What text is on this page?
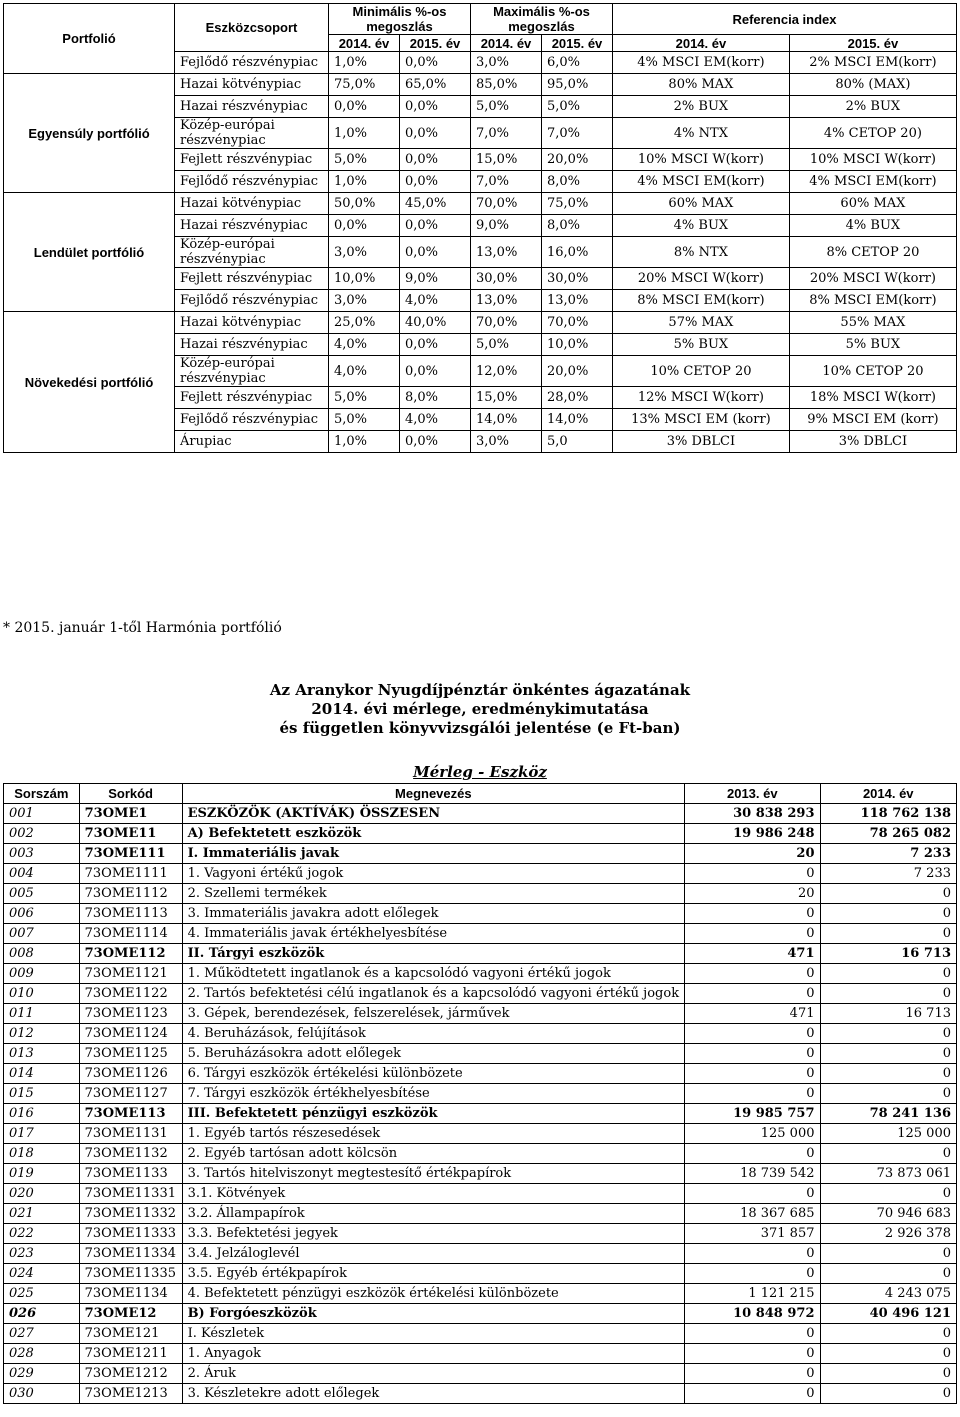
Portfolió	Eszközcsoport	Minimális %-os megoszlás		Maximális %-os megoszlás		Referencia index	
		2014. év	2015. év	2014. év	2015. év	2014. év	2015. év
	Fejlődő részvénypiac	1,0%	0,0%	3,0%	6,0%	4% MSCI EM(korr)	2% MSCI EM(korr)
Egyensúly portfólió	Hazai kötvénypiac	75,0%	65,0%	85,0%	95,0%	80% MAX	80% (MAX)
	Hazai részvénypiac	0,0%	0,0%	5,0%	5,0%	2% BUX	2% BUX
	Közép-európai részvénypiac	1,0%	0,0%	7,0%	7,0%	4% NTX	4% CETOP 20)
	Fejlett részvénypiac	5,0%	0,0%	15,0%	20,0%	10% MSCI W(korr)	10% MSCI W(korr)
	Fejlődő részvénypiac	1,0%	0,0%	7,0%	8,0%	4% MSCI EM(korr)	4% MSCI EM(korr)
Lendület portfólió	Hazai kötvénypiac	50,0%	45,0%	70,0%	75,0%	60% MAX	60% MAX
	Hazai részvénypiac	0,0%	0,0%	9,0%	8,0%	4% BUX	4% BUX
	Közép-európai részvénypiac	3,0%	0,0%	13,0%	16,0%	8% NTX	8% CETOP 20
	Fejlett részvénypiac	10,0%	9,0%	30,0%	30,0%	20% MSCI W(korr)	20% MSCI W(korr)
	Fejlődő részvénypiac	3,0%	4,0%	13,0%	13,0%	8% MSCI EM(korr)	8% MSCI EM(korr)
Növekedési portfólió	Hazai kötvénypiac	25,0%	40,0%	70,0%	70,0%	57% MAX	55% MAX
	Hazai részvénypiac	4,0%	0,0%	5,0%	10,0%	5% BUX	5% BUX
	Közép-európai részvénypiac	4,0%	0,0%	12,0%	20,0%	10% CETOP 20	10% CETOP 20
	Fejlett részvénypiac	5,0%	8,0%	15,0%	28,0%	12% MSCI W(korr)	18% MSCI W(korr)
	Fejlődő részvénypiac	5,0%	4,0%	14,0%	14,0%	13% MSCI EM (korr)	9% MSCI EM (korr)
	Árupiac	1,0%	0,0%	3,0%	5,0	3% DBLCI	3% DBLCI
* 2015. január 1-től Harmónia portfólió
Az Aranykor Nyugdíjpénztár önkéntes ágazatának
2014. évi mérlege, eredménykimutatása
és független könyvvizsgálói jelentése (e Ft-ban)
Mérleg - Eszköz
Sorszám	Sorkód	Megnevezés	2013. év	2014. év
001	73OME1	ESZKÖZÖK (AKTÍVÁK) ÖSSZESEN	30 838 293	118 762 138
002	73OME11	A) Befektetett eszközök	19 986 248	78 265 082
003	73OME111	I. Immateriális javak	20	7 233
004	73OME1111	1. Vagyoni értékű jogok	0	7 233
005	73OME1112	2. Szellemi termékek	20	0
006	73OME1113	3. Immateriális javakra adott előlegek	0	0
007	73OME1114	4. Immateriális javak értékhelyesbítése	0	0
008	73OME112	II. Tárgyi eszközök	471	16 713
009	73OME1121	1. Működtetett ingatlanok és a kapcsolódó vagyoni értékű jogok	0	0
010	73OME1122	2. Tartós befektetési célú ingatlanok és a kapcsolódó vagyoni értékű jogok	0	0
011	73OME1123	3. Gépek, berendezések, felszerelések, járművek	471	16 713
012	73OME1124	4. Beruházások, felújítások	0	0
013	73OME1125	5. Beruházásokra adott előlegek	0	0
014	73OME1126	6. Tárgyi eszközök értékelési különbözete	0	0
015	73OME1127	7. Tárgyi eszközök értékhelyesbítése	0	0
016	73OME113	III. Befektetett pénzügyi eszközök	19 985 757	78 241 136
017	73OME1131	1. Egyéb tartós részesedések	125 000	125 000
018	73OME1132	2. Egyéb tartósan adott kölcsön	0	0
019	73OME1133	3. Tartós hitelviszonyt megtestesítő értékpapírok	18 739 542	73 873 061
020	73OME11331	3.1. Kötvények	0	0
021	73OME11332	3.2. Állampapírok	18 367 685	70 946 683
022	73OME11333	3.3. Befektetési jegyek	371 857	2 926 378
023	73OME11334	3.4. Jelzáloglevél	0	0
024	73OME11335	3.5. Egyéb értékpapírok	0	0
025	73OME1134	4. Befektetett pénzügyi eszközök értékelési különbözete	1 121 215	4 243 075
026	73OME12	B) Forgóeszközök	10 848 972	40 496 121
027	73OME121	I. Készletek	0	0
028	73OME1211	1. Anyagok	0	0
029	73OME1212	2. Áruk	0	0
030	73OME1213	3. Készletekre adott előlegek	0	0
